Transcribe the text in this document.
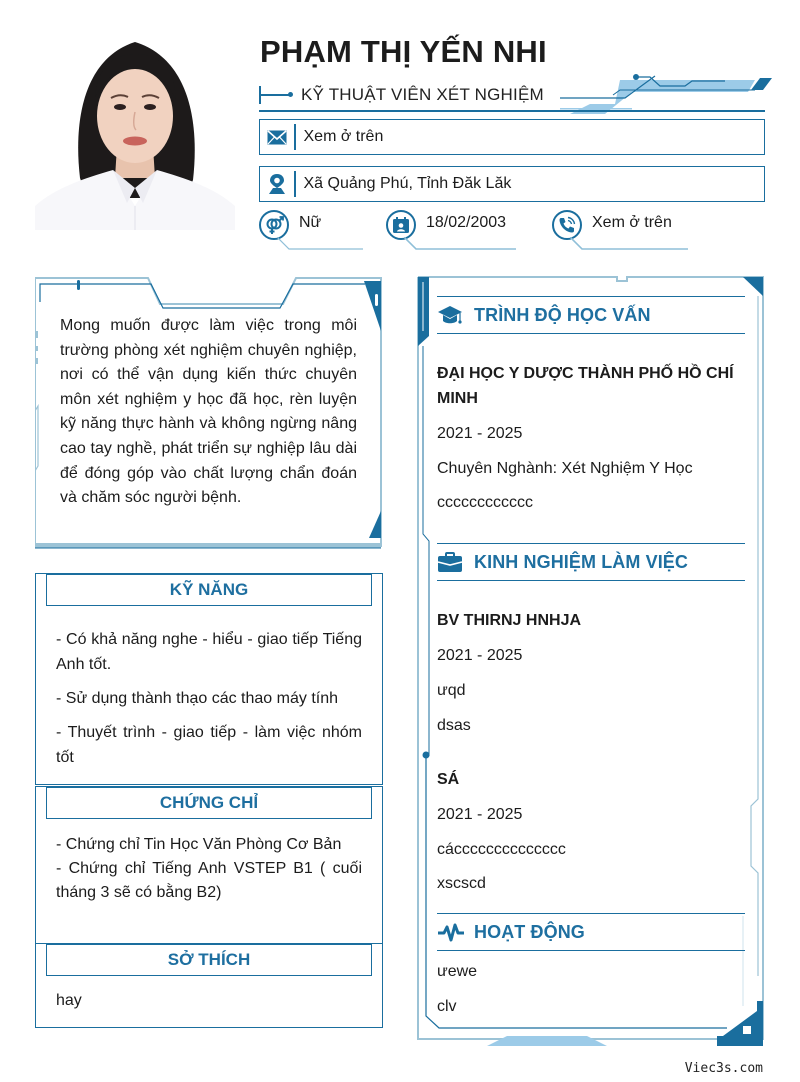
PHẠM THỊ YẾN NHI
KỸ THUẬT VIÊN XÉT NGHIỆM
Xem ở trên
Xã Quảng Phú, Tỉnh Đăk Lăk
Nữ	18/02/2003	Xem ở trên
Mong muốn được làm việc trong môi trường phòng xét nghiệm chuyên nghiệp, nơi có thể vận dụng kiến thức chuyên môn xét nghiệm y học đã học, rèn luyện kỹ năng thực hành và không ngừng nâng cao tay nghề, phát triển sự nghiệp lâu dài để đóng góp vào chất lượng chẩn đoán và chăm sóc người bệnh.
KỸ NĂNG

- Có khả năng nghe - hiểu - giao tiếp Tiếng Anh tốt.

- Sử dụng thành thạo các thao máy tính

- Thuyết trình - giao tiếp - làm việc nhóm tốt

CHỨNG CHỈ

- Chứng chỉ Tin Học Văn Phòng Cơ Bản

- Chứng chỉ Tiếng Anh VSTEP B1 ( cuối tháng 3 sẽ có bằng B2)

SỞ THÍCH

hay

TRÌNH ĐỘ HỌC VẤN
ĐẠI HỌC Y DƯỢC THÀNH PHỐ HỒ CHÍ MINH
2021 - 2025
Chuyên Nghành: Xét Nghiệm Y Học
cccccccccccc
KINH NGHIỆM LÀM VIỆC
BV THIRNJ HNHJA
2021 - 2025
ưqd
dsas
SÁ
2021 - 2025
cácccccccccccccc
xscscd
HOẠT ĐỘNG
ưewe
clv
Viec3s.com
